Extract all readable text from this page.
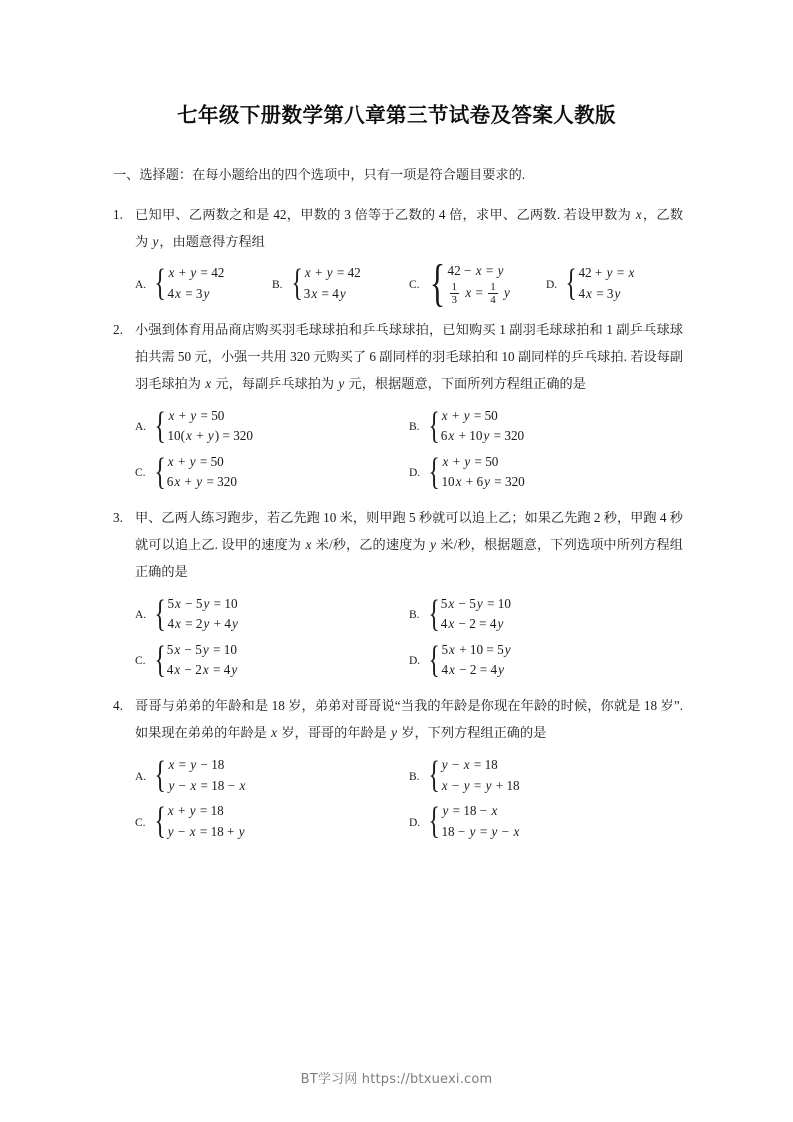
七年级下册数学第八章第三节试卷及答案人教版
一、选择题：在每小题给出的四个选项中，只有一项是符合题目要求的.
1. 已知甲、乙两数之和是 42，甲数的 3 倍等于乙数的 4 倍，求甲、乙两数. 若设甲数为 x，乙数为 y，由题意得方程组
A. { x + y = 42
4x = 3y
B. { x + y = 42
3x = 4y
C. { 42 − x = y
$\frac{1}{3}$ $x = \frac{1}{4}$ y
D. { 42 + y = x
4x = 3y
2. 小强到体育用品商店购买羽毛球球拍和乒乓球球拍，已知购买 1 副羽毛球球拍和 1 副乒乓球球拍共需 50 元，小强一共用 320 元购买了 6 副同样的羽毛球拍和 10 副同样的乒乓球拍. 若设每副羽毛球拍为 x 元，每副乒乓球拍为 y 元，根据题意，下面所列方程组正确的是
A. { x + y = 50
10(x + y) = 320
B. { x + y = 50
6x + 10y = 320
C. { x + y = 50
6x + y = 320
D. { x + y = 50
10x + 6y = 320
3. 甲、乙两人练习跑步，若乙先跑 10 米，则甲跑 5 秒就可以追上乙；如果乙先跑 2 秒，甲跑 4 秒就可以追上乙. 设甲的速度为 x 米/秒，乙的速度为 y 米/秒，根据题意，下列选项中所列方程组正确的是
A. { 5x − 5y = 10
4x = 2y + 4y
B. { 5x − 5y = 10
4x − 2 = 4y
C. { 5x − 5y = 10
4x − 2x = 4y
D. { 5x + 10 = 5y
4x − 2 = 4y
4. 哥哥与弟弟的年龄和是 18 岁，弟弟对哥哥说“当我的年龄是你现在年龄的时候，你就是 18 岁”. 如果现在弟弟的年龄是 x 岁，哥哥的年龄是 y 岁，下列方程组正确的是
A. { x = y − 18
y − x = 18 − x
B. { y − x = 18
x − y = y + 18
C. { x + y = 18
y − x = 18 + y
D. { y = 18 − x
18 − y = y − x
BT学习网 https://btxuexi.com
